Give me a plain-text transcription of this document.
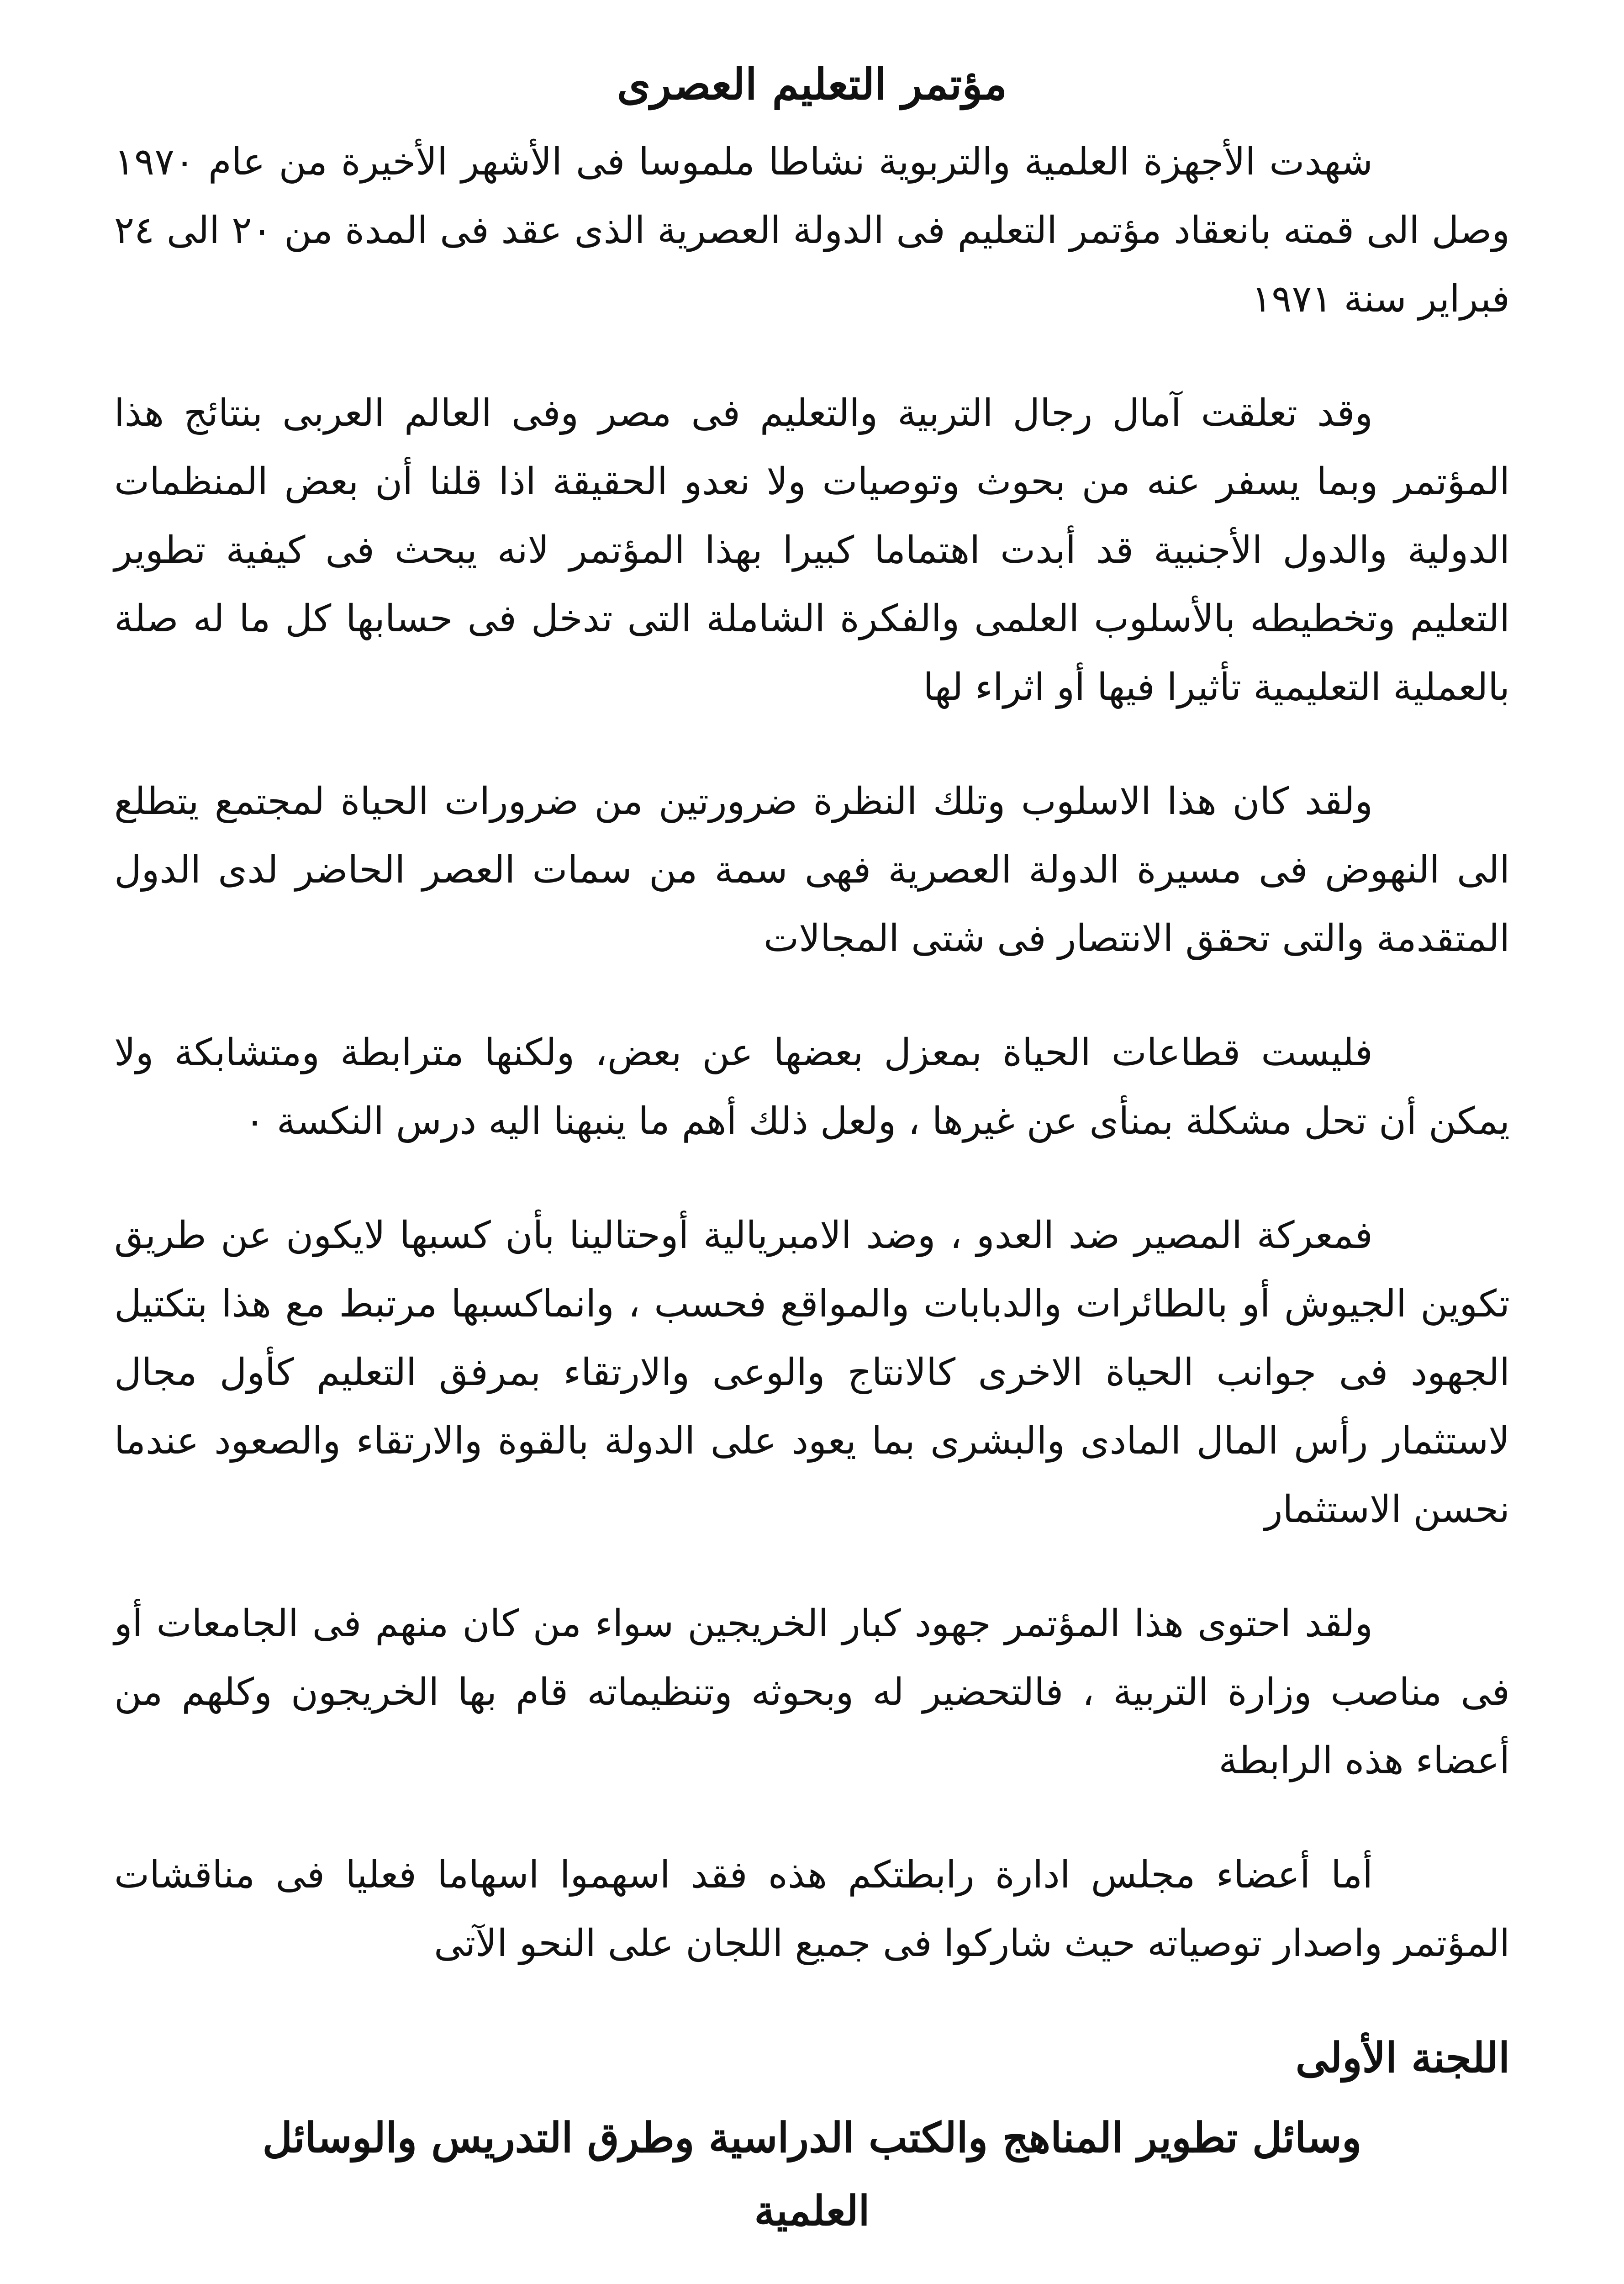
مؤتمر التعليم العصرى

شهدت الأجهزة العلمية والتربوية نشاطا ملموسا فى الأشهر الأخيرة من عام ١٩٧٠ وصل الى قمته بانعقاد مؤتمر التعليم فى الدولة العصرية الذى عقد فى المدة من ٢٠ الى ٢٤ فبراير سنة ١٩٧١

وقد تعلقت آمال رجال التربية والتعليم فى مصر وفى العالم العربى بنتائج هذا المؤتمر وبما يسفر عنه من بحوث وتوصيات ولا نعدو الحقيقة اذا قلنا أن بعض المنظمات الدولية والدول الأجنبية قد أبدت اهتماما كبيرا بهذا المؤتمر لانه يبحث فى كيفية تطوير التعليم وتخطيطه بالأسلوب العلمى والفكرة الشاملة التى تدخل فى حسابها كل ما له صلة بالعملية التعليمية تأثيرا فيها أو اثراء لها

ولقد كان هذا الاسلوب وتلك النظرة ضرورتين من ضرورات الحياة لمجتمع يتطلع الى النهوض فى مسيرة الدولة العصرية فهى سمة من سمات العصر الحاضر لدى الدول المتقدمة والتى تحقق الانتصار فى شتى المجالات

فليست قطاعات الحياة بمعزل بعضها عن بعض، ولكنها مترابطة ومتشابكة ولا يمكن أن تحل مشكلة بمنأى عن غيرها ، ولعل ذلك أهم ما ينبهنا اليه درس النكسة ٠

فمعركة المصير ضد العدو ، وضد الامبريالية أوحتالينا بأن كسبها لايكون عن طريق تكوين الجيوش أو بالطائرات والدبابات والمواقع فحسب ، وانماكسبها مرتبط مع هذا بتكتيل الجهود فى جوانب الحياة الاخرى كالانتاج والوعى والارتقاء بمرفق التعليم كأول مجال لاستثمار رأس المال المادى والبشرى بما يعود على الدولة بالقوة والارتقاء والصعود عندما نحسن الاستثمار

ولقد احتوى هذا المؤتمر جهود كبار الخريجين سواء من كان منهم فى الجامعات أو فى مناصب وزارة التربية ، فالتحضير له وبحوثه وتنظيماته قام بها الخريجون وكلهم من أعضاء هذه الرابطة

أما أعضاء مجلس ادارة رابطتكم هذه فقد اسهموا اسهاما فعليا فى مناقشات المؤتمر واصدار توصياته حيث شاركوا فى جميع اللجان على النحو الآتى

اللجنة الأولى
وسائل تطوير المناهج والكتب الدراسية وطرق التدريس والوسائل العلمية
